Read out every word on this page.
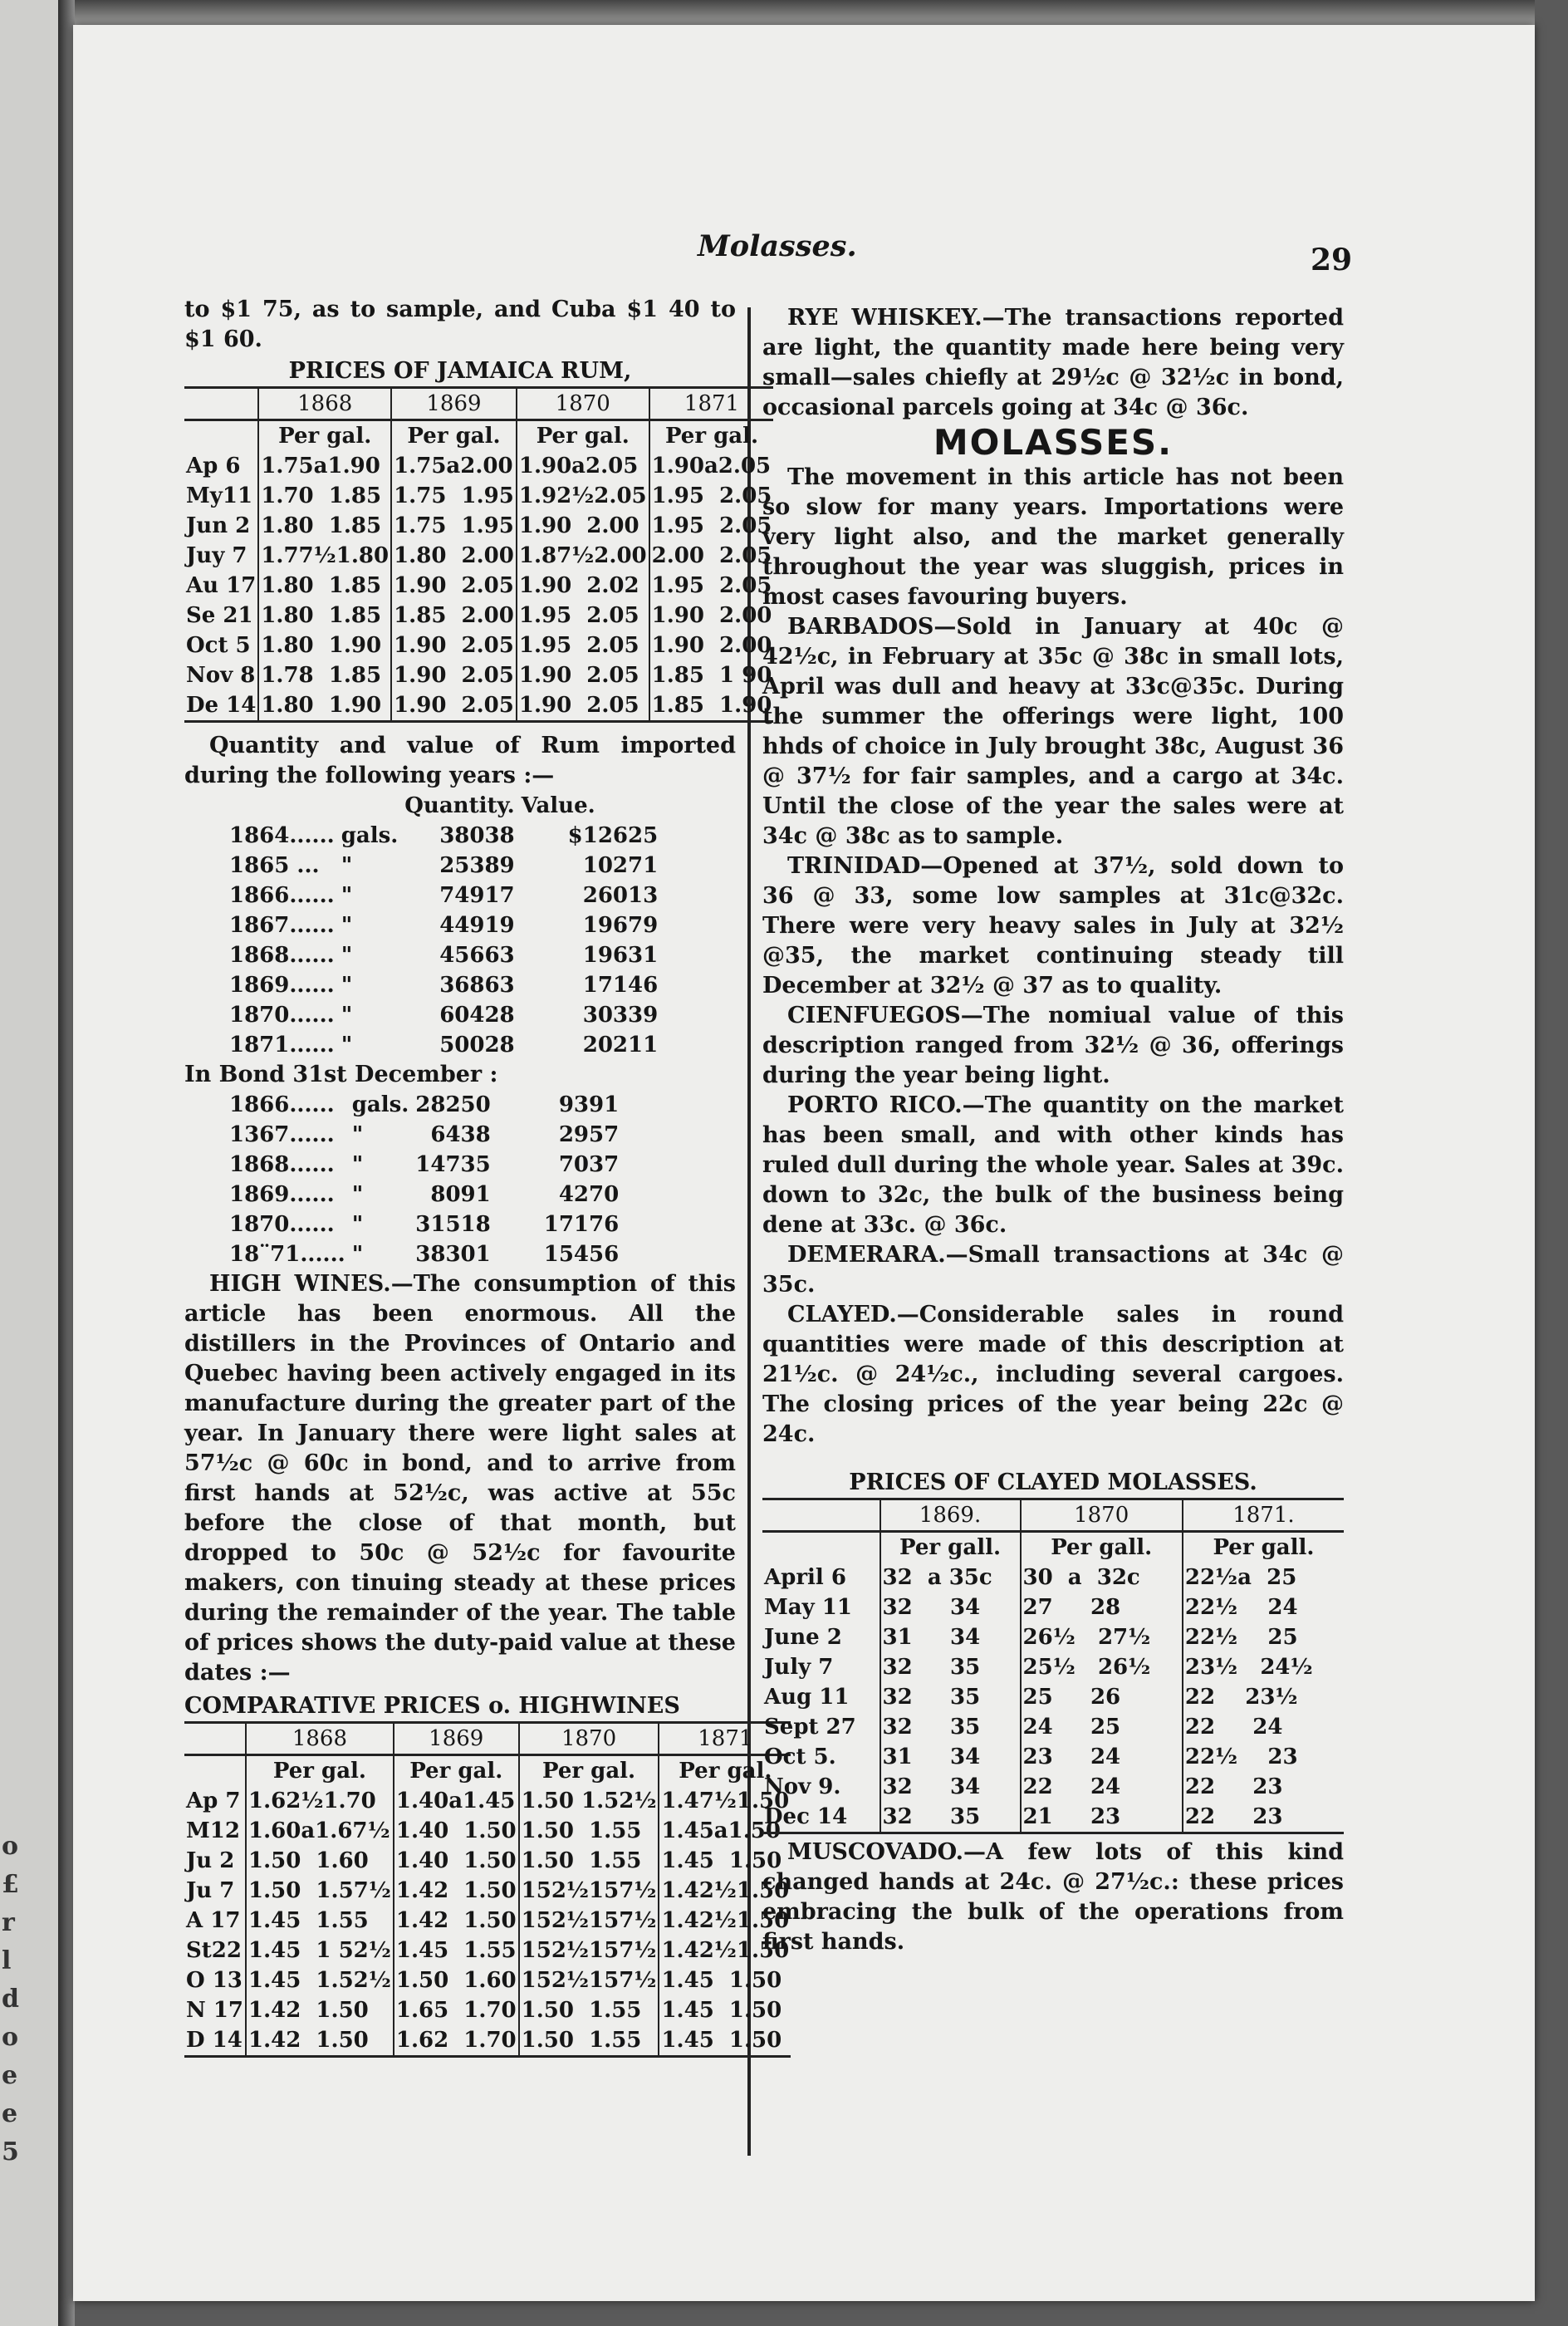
o
£
r
l
d
o
e
e
5
Molasses.	29

to $1 75, as to sample, and Cuba $1 40 to $1 60.

PRICES OF JAMAICA RUM,
	1868	1869	1870	1871
	Per gal.	Per gal.	Per gal.	Per gal.
Ap 6	1.75a1.90	1.75a2.00	1.90a2.05	1.90a2.05
My11	1.70  1.85	1.75  1.95	1.92½2.05	1.95  2.05
Jun 2	1.80  1.85	1.75  1.95	1.90  2.00	1.95  2.05
Juy 7	1.77½1.80	1.80  2.00	1.87½2.00	2.00  2.05
Au 17	1.80  1.85	1.90  2.05	1.90  2.02	1.95  2.05
Se 21	1.80  1.85	1.85  2.00	1.95  2.05	1.90  2.00
Oct 5	1.80  1.90	1.90  2.05	1.95  2.05	1.90  2.00
Nov 8	1.78  1.85	1.90  2.05	1.90  2.05	1.85  1 90
De 14	1.80  1.90	1.90  2.05	1.90  2.05	1.85  1.90

Quantity and value of Rum imported during the following years :—

		Quantity.	Value.
1864......	gals.	38038	$12625
1865 ...	"	25389	10271
1866......	"	74917	26013
1867......	"	44919	19679
1868......	"	45663	19631
1869......	"	36863	17146
1870......	"	60428	30339
1871......	"	50028	20211
In Bond 31st December :
1866......	gals.	28250	9391
1367......	"	6438	2957
1868......	"	14735	7037
1869......	"	8091	4270
1870......	"	31518	17176
18¨71......	"	38301	15456

HIGH WINES.—The consumption of this article has been enormous. All the distillers in the Provinces of Ontario and Quebec having been actively engaged in its manufacture during the greater part of the year. In January there were light sales at 57½c @ 60c in bond, and to arrive from first hands at 52½c, was active at 55c before the close of that month, but dropped to 50c @ 52½c for favourite makers, con tinuing steady at these prices during the remainder of the year. The table of prices shows the duty-paid value at these dates :—

COMPARATIVE PRICES o. HIGHWINES
	1868	1869	1870	1871
	Per gal.	Per gal.	Per gal.	Per gal.
Ap 7	1.62½1.70	1.40a1.45	1.50 1.52½	1.47½1.50
M12	1.60a1.67½	1.40  1.50	1.50  1.55	1.45a1.50
Ju 2	1.50  1.60	1.40  1.50	1.50  1.55	1.45  1.50
Ju 7	1.50  1.57½	1.42  1.50	152½157½	1.42½1.50
A 17	1.45  1.55	1.42  1.50	152½157½	1.42½1.50
St22	1.45  1 52½	1.45  1.55	152½157½	1.42½1.50
O 13	1.45  1.52½	1.50  1.60	152½157½	1.45  1.50
N 17	1.42  1.50	1.65  1.70	1.50  1.55	1.45  1.50
D 14	1.42  1.50	1.62  1.70	1.50  1.55	1.45  1.50

RYE WHISKEY.—The transactions reported are light, the quantity made here being very small—sales chiefly at 29½c @ 32½c in bond, occasional parcels going at 34c @ 36c.

MOLASSES.

The movement in this article has not been so slow for many years. Importations were very light also, and the market generally throughout the year was sluggish, prices in most cases favouring buyers.

BARBADOS—Sold in January at 40c @ 42½c, in February at 35c @ 38c in small lots, April was dull and heavy at 33c@35c. During the summer the offerings were light, 100 hhds of choice in July brought 38c, August 36 @ 37½ for fair samples, and a cargo at 34c. Until the close of the year the sales were at 34c @ 38c as to sample.

TRINIDAD—Opened at 37½, sold down to 36 @ 33, some low samples at 31c@32c. There were very heavy sales in July at 32½ @35, the market continuing steady till December at 32½ @ 37 as to quality.

CIENFUEGOS—The nomiual value of this description ranged from 32½ @ 36, offerings during the year being light.

PORTO RICO.—The quantity on the market has been small, and with other kinds has ruled dull during the whole year. Sales at 39c. down to 32c, the bulk of the business being dene at 33c. @ 36c.

DEMERARA.—Small transactions at 34c @ 35c.

CLAYED.—Considerable sales in round quantities were made of this description at 21½c. @ 24½c., including several cargoes. The closing prices of the year being 22c @ 24c.

PRICES OF CLAYED MOLASSES.
	1869.	1870	1871.
	Per gall.	Per gall.	Per gall.
April 6	32  a 35c	30  a  32c	22½a  25
May 11	32     34	27     28	22½    24
June 2	31     34	26½   27½	22½    25
July 7	32     35	25½   26½	23½   24½
Aug 11	32     35	25     26	22    23½
Sept 27	32     35	24     25	22     24
Oct 5.	31     34	23     24	22½    23
Nov 9.	32     34	22     24	22     23
Dec 14	32     35	21     23	22     23

MUSCOVADO.—A few lots of this kind changed hands at 24c. @ 27½c.: these prices embracing the bulk of the operations from first hands.
